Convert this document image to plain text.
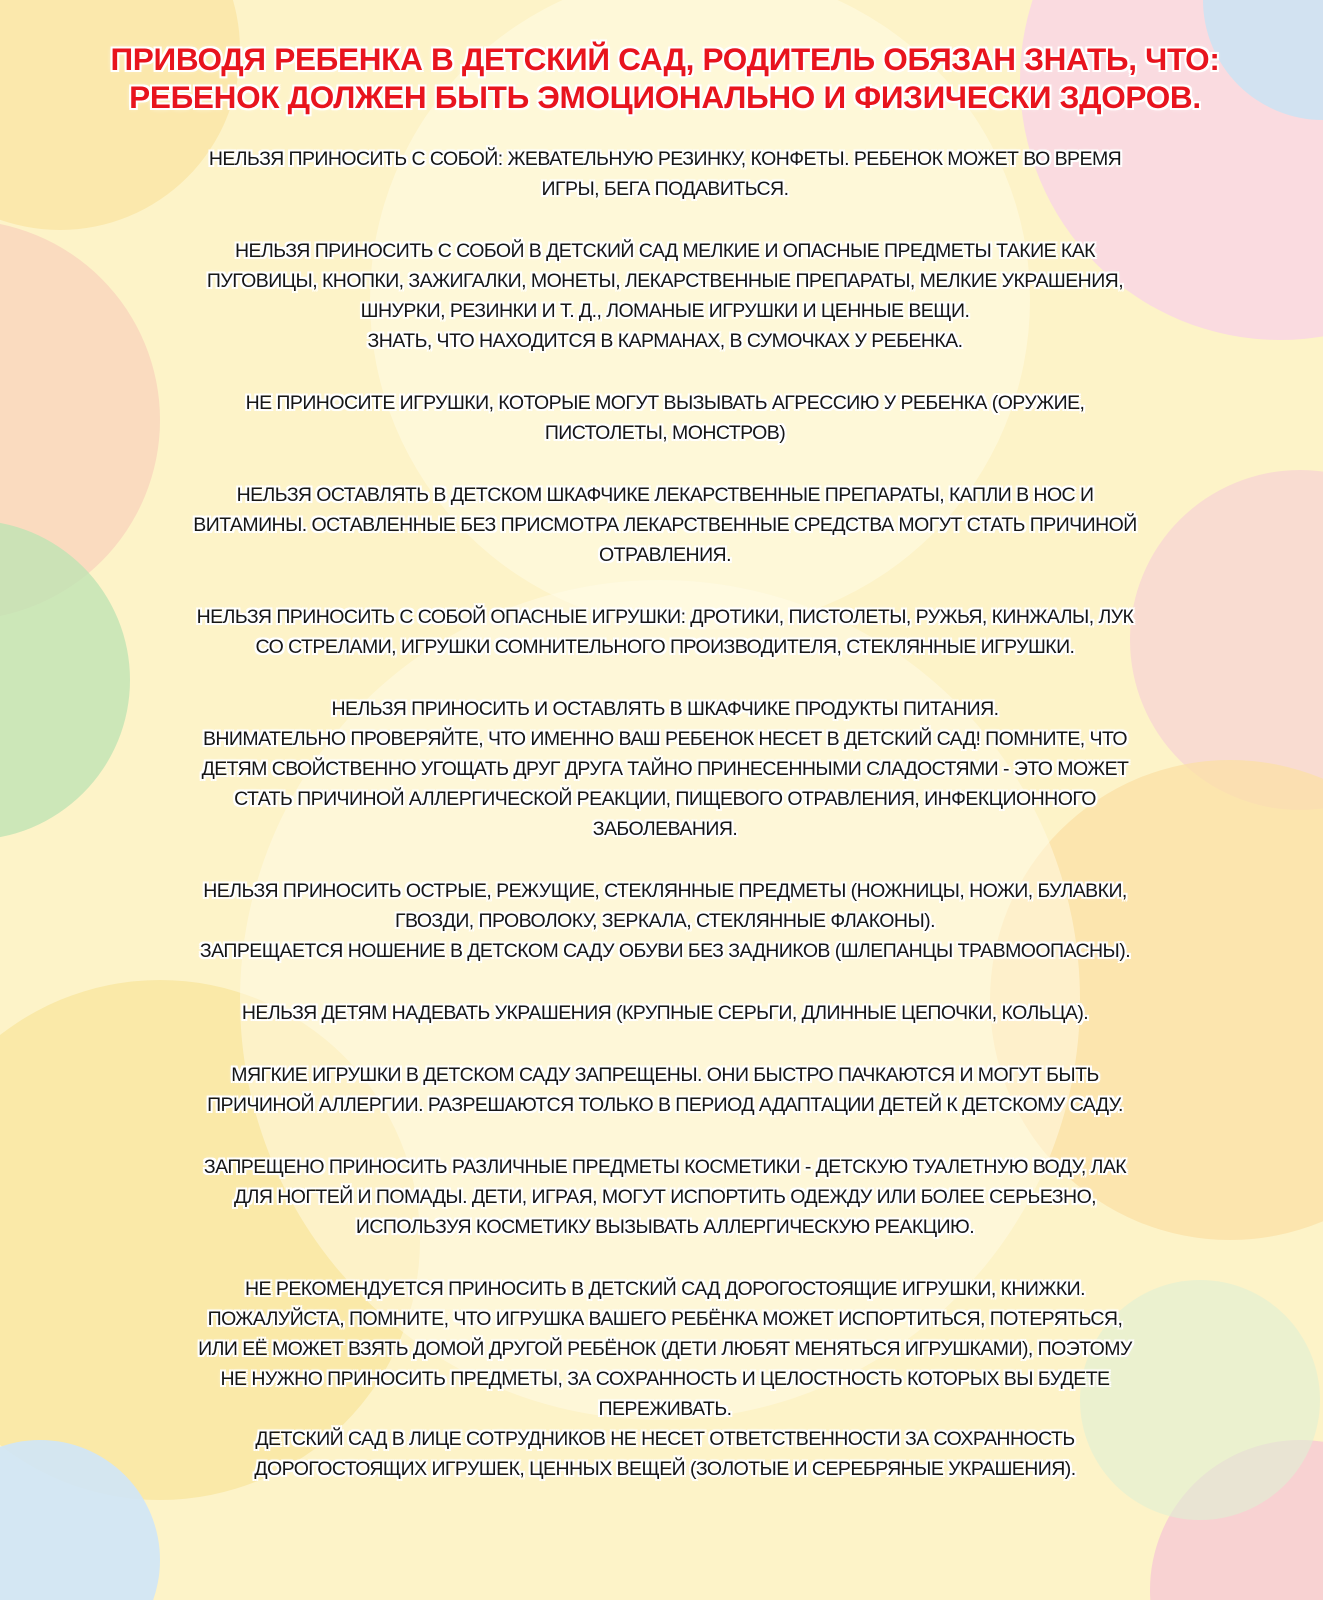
ПРИВОДЯ РЕБЕНКА В ДЕТСКИЙ САД, РОДИТЕЛЬ ОБЯЗАН ЗНАТЬ, ЧТО:
РЕБЕНОК ДОЛЖЕН БЫТЬ ЭМОЦИОНАЛЬНО И ФИЗИЧЕСКИ ЗДОРОВ.
НЕЛЬЗЯ ПРИНОСИТЬ С СОБОЙ: ЖЕВАТЕЛЬНУЮ РЕЗИНКУ, КОНФЕТЫ. РЕБЕНОК МОЖЕТ ВО ВРЕМЯ
ИГРЫ, БЕГА ПОДАВИТЬСЯ.
НЕЛЬЗЯ ПРИНОСИТЬ С СОБОЙ В ДЕТСКИЙ САД МЕЛКИЕ И ОПАСНЫЕ ПРЕДМЕТЫ ТАКИЕ КАК
ПУГОВИЦЫ, КНОПКИ, ЗАЖИГАЛКИ, МОНЕТЫ, ЛЕКАРСТВЕННЫЕ ПРЕПАРАТЫ, МЕЛКИЕ УКРАШЕНИЯ,
ШНУРКИ, РЕЗИНКИ И Т. Д., ЛОМАНЫЕ ИГРУШКИ И ЦЕННЫЕ ВЕЩИ.
ЗНАТЬ, ЧТО НАХОДИТСЯ В КАРМАНАХ, В СУМОЧКАХ У РЕБЕНКА.
НЕ ПРИНОСИТЕ ИГРУШКИ, КОТОРЫЕ МОГУТ ВЫЗЫВАТЬ АГРЕССИЮ У РЕБЕНКА (ОРУЖИЕ,
ПИСТОЛЕТЫ, МОНСТРОВ)
НЕЛЬЗЯ ОСТАВЛЯТЬ В ДЕТСКОМ ШКАФЧИКЕ ЛЕКАРСТВЕННЫЕ ПРЕПАРАТЫ, КАПЛИ В НОС И
ВИТАМИНЫ. ОСТАВЛЕННЫЕ БЕЗ ПРИСМОТРА ЛЕКАРСТВЕННЫЕ СРЕДСТВА МОГУТ СТАТЬ ПРИЧИНОЙ
ОТРАВЛЕНИЯ.
НЕЛЬЗЯ ПРИНОСИТЬ С СОБОЙ ОПАСНЫЕ ИГРУШКИ: ДРОТИКИ, ПИСТОЛЕТЫ, РУЖЬЯ, КИНЖАЛЫ, ЛУК
СО СТРЕЛАМИ, ИГРУШКИ СОМНИТЕЛЬНОГО ПРОИЗВОДИТЕЛЯ, СТЕКЛЯННЫЕ ИГРУШКИ.
НЕЛЬЗЯ ПРИНОСИТЬ И ОСТАВЛЯТЬ В ШКАФЧИКЕ ПРОДУКТЫ ПИТАНИЯ.
ВНИМАТЕЛЬНО ПРОВЕРЯЙТЕ, ЧТО ИМЕННО ВАШ РЕБЕНОК НЕСЕТ В ДЕТСКИЙ САД! ПОМНИТЕ, ЧТО
ДЕТЯМ СВОЙСТВЕННО УГОЩАТЬ ДРУГ ДРУГА ТАЙНО ПРИНЕСЕННЫМИ СЛАДОСТЯМИ - ЭТО МОЖЕТ
СТАТЬ ПРИЧИНОЙ АЛЛЕРГИЧЕСКОЙ РЕАКЦИИ, ПИЩЕВОГО ОТРАВЛЕНИЯ, ИНФЕКЦИОННОГО
ЗАБОЛЕВАНИЯ.
НЕЛЬЗЯ ПРИНОСИТЬ ОСТРЫЕ, РЕЖУЩИЕ, СТЕКЛЯННЫЕ ПРЕДМЕТЫ (НОЖНИЦЫ, НОЖИ, БУЛАВКИ,
ГВОЗДИ, ПРОВОЛОКУ, ЗЕРКАЛА, СТЕКЛЯННЫЕ ФЛАКОНЫ).
ЗАПРЕЩАЕТСЯ НОШЕНИЕ В ДЕТСКОМ САДУ ОБУВИ БЕЗ ЗАДНИКОВ (ШЛЕПАНЦЫ ТРАВМООПАСНЫ).
НЕЛЬЗЯ ДЕТЯМ НАДЕВАТЬ УКРАШЕНИЯ (КРУПНЫЕ СЕРЬГИ, ДЛИННЫЕ ЦЕПОЧКИ, КОЛЬЦА).
МЯГКИЕ ИГРУШКИ В ДЕТСКОМ САДУ ЗАПРЕЩЕНЫ. ОНИ БЫСТРО ПАЧКАЮТСЯ И МОГУТ БЫТЬ
ПРИЧИНОЙ АЛЛЕРГИИ. РАЗРЕШАЮТСЯ ТОЛЬКО В ПЕРИОД АДАПТАЦИИ ДЕТЕЙ К ДЕТСКОМУ САДУ.
ЗАПРЕЩЕНО ПРИНОСИТЬ РАЗЛИЧНЫЕ ПРЕДМЕТЫ КОСМЕТИКИ - ДЕТСКУЮ ТУАЛЕТНУЮ ВОДУ, ЛАК
ДЛЯ НОГТЕЙ И ПОМАДЫ. ДЕТИ, ИГРАЯ, МОГУТ ИСПОРТИТЬ ОДЕЖДУ ИЛИ БОЛЕЕ СЕРЬЕЗНО,
ИСПОЛЬЗУЯ КОСМЕТИКУ ВЫЗЫВАТЬ АЛЛЕРГИЧЕСКУЮ РЕАКЦИЮ.
НЕ РЕКОМЕНДУЕТСЯ ПРИНОСИТЬ В ДЕТСКИЙ САД ДОРОГОСТОЯЩИЕ ИГРУШКИ, КНИЖКИ.
ПОЖАЛУЙСТА, ПОМНИТЕ, ЧТО ИГРУШКА ВАШЕГО РЕБЁНКА МОЖЕТ ИСПОРТИТЬСЯ, ПОТЕРЯТЬСЯ,
ИЛИ ЕЁ МОЖЕТ ВЗЯТЬ ДОМОЙ ДРУГОЙ РЕБЁНОК (ДЕТИ ЛЮБЯТ МЕНЯТЬСЯ ИГРУШКАМИ), ПОЭТОМУ
НЕ НУЖНО ПРИНОСИТЬ ПРЕДМЕТЫ, ЗА СОХРАННОСТЬ И ЦЕЛОСТНОСТЬ КОТОРЫХ ВЫ БУДЕТЕ
ПЕРЕЖИВАТЬ.
ДЕТСКИЙ САД В ЛИЦЕ СОТРУДНИКОВ НЕ НЕСЕТ ОТВЕТСТВЕННОСТИ ЗА СОХРАННОСТЬ
ДОРОГОСТОЯЩИХ ИГРУШЕК, ЦЕННЫХ ВЕЩЕЙ (ЗОЛОТЫЕ И СЕРЕБРЯНЫЕ УКРАШЕНИЯ).
